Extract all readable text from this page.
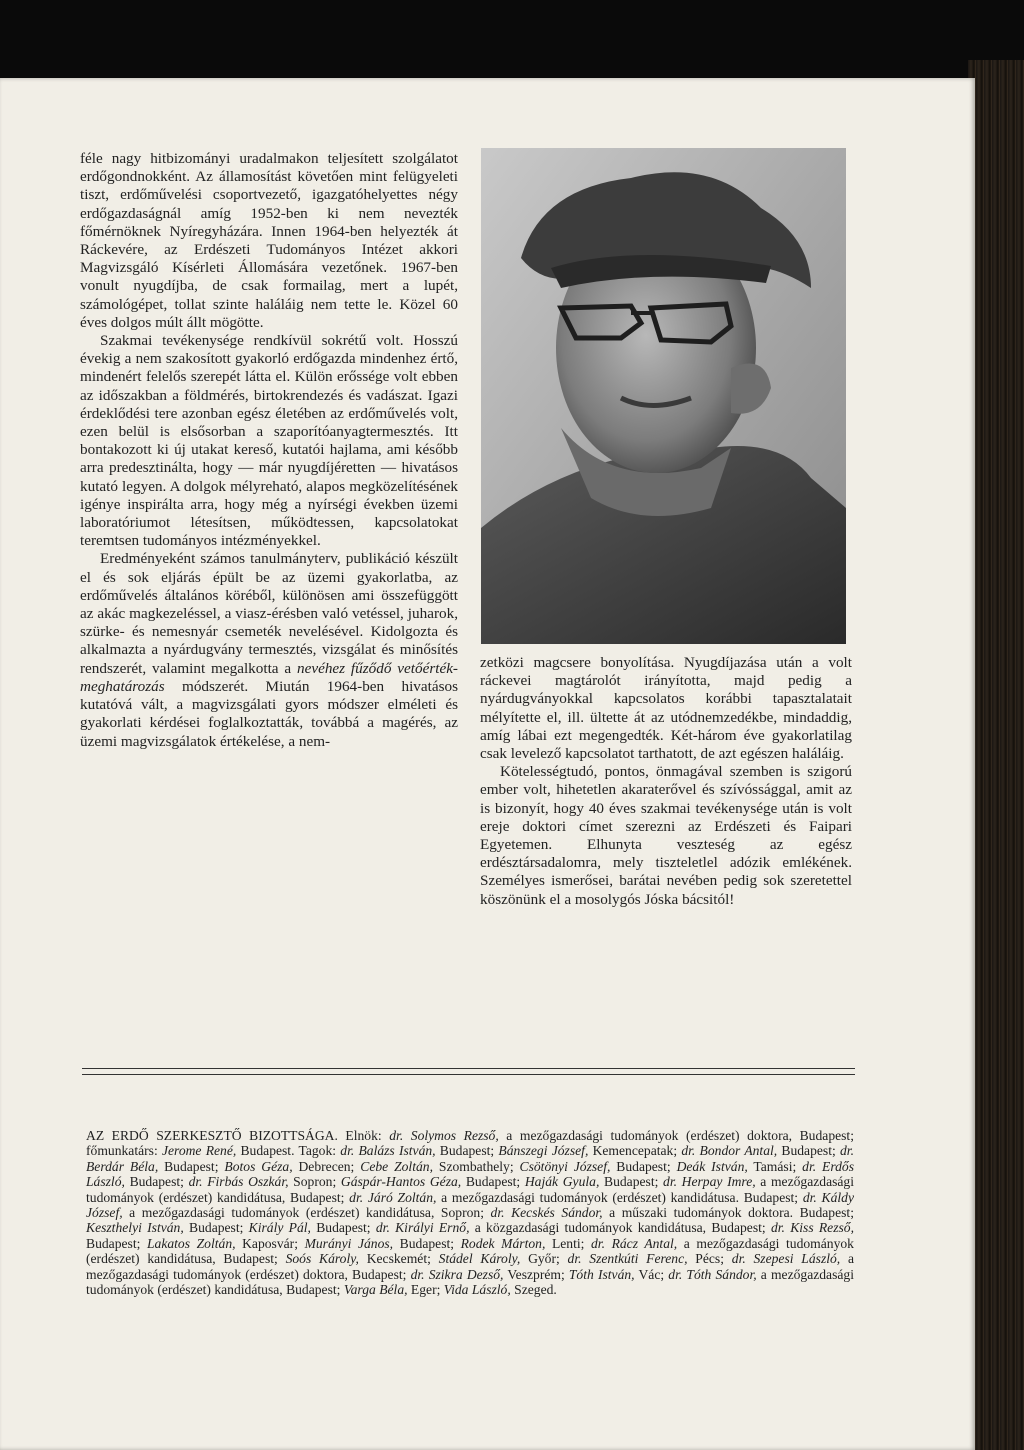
féle nagy hitbizományi uradalmakon teljesített szolgálatot erdőgondnokként. Az államosítást követően mint felügyeleti tiszt, erdőművelési csoportvezető, igazgatóhelyettes négy erdőgazdaságnál amíg 1952-ben ki nem nevezték főmérnöknek Nyíregyházára. Innen 1964-ben helyezték át Ráckevére, az Erdészeti Tudományos Intézet akkori Magvizsgáló Kísérleti Állomására vezetőnek. 1967-ben vonult nyugdíjba, de csak formailag, mert a lupét, számológépet, tollat szinte haláláig nem tette le. Közel 60 éves dolgos múlt állt mögötte.

Szakmai tevékenysége rendkívül sokrétű volt. Hosszú évekig a nem szakosított gyakorló erdőgazda mindenhez értő, mindenért felelős szerepét látta el. Külön erőssége volt ebben az időszakban a földmérés, birtokrendezés és vadászat. Igazi érdeklődési tere azonban egész életében az erdőművelés volt, ezen belül is elsősorban a szaporítóanyagtermesztés. Itt bontakozott ki új utakat kereső, kutatói hajlama, ami később arra predesztinálta, hogy — már nyugdíjéretten — hivatásos kutató legyen. A dolgok mélyreható, alapos megközelítésének igénye inspirálta arra, hogy még a nyírségi években üzemi laboratóriumot létesítsen, működtessen, kapcsolatokat teremtsen tudományos intézményekkel.

Eredményeként számos tanulmányterv, publikáció készült el és sok eljárás épült be az üzemi gyakorlatba, az erdőművelés általános köréből, különösen ami összefüggött az akác magkezeléssel, a viasz-érésben való vetéssel, juharok, szürke- és nemesnyár csemeték nevelésével. Kidolgozta és alkalmazta a nyárdugvány termesztés, vizsgálat és minősítés rendszerét, valamint megalkotta a nevéhez fűződő vetőérték-meghatározás módszerét. Miután 1964-ben hivatásos kutatóvá vált, a magvizsgálati gyors módszer elméleti és gyakorlati kérdései foglalkoztatták, továbbá a magérés, az üzemi magvizsgálatok értékelése, a nem-

zetközi magcsere bonyolítása. Nyugdíjazása után a volt ráckevei magtárolót irányította, majd pedig a nyárdugványokkal kapcsolatos korábbi tapasztalatait mélyítette el, ill. ültette át az utódnemzedékbe, mindaddig, amíg lábai ezt megengedték. Két-három éve gyakorlatilag csak levelező kapcsolatot tarthatott, de azt egészen haláláig.

Kötelességtudó, pontos, önmagával szemben is szigorú ember volt, hihetetlen akaraterővel és szívóssággal, amit az is bizonyít, hogy 40 éves szakmai tevékenysége után is volt ereje doktori címet szerezni az Erdészeti és Faipari Egyetemen. Elhunyta veszteség az egész erdésztársadalomra, mely tiszteletlel adózik emlékének. Személyes ismerősei, barátai nevében pedig sok szeretettel köszönünk el a mosolygós Jóska bácsitól!

AZ ERDŐ SZERKESZTŐ BIZOTTSÁGA. Elnök: dr. Solymos Rezső, a mezőgazdasági tudományok (erdészet) doktora, Budapest; főmunkatárs: Jerome René, Budapest. Tagok: dr. Balázs István, Budapest; Bánszegi József, Kemencepatak; dr. Bondor Antal, Budapest; dr. Berdár Béla, Budapest; Botos Géza, Debrecen; Cebe Zoltán, Szombathely; Csötönyi József, Budapest; Deák István, Tamási; dr. Erdős László, Budapest; dr. Firbás Oszkár, Sopron; Gáspár-Hantos Géza, Budapest; Haják Gyula, Budapest; dr. Herpay Imre, a mezőgazdasági tudományok (erdészet) kandidátusa, Budapest; dr. Járó Zoltán, a mezőgazdasági tudományok (erdészet) kandidátusa. Budapest; dr. Káldy József, a mezőgazdasági tudományok (erdészet) kandidátusa, Sopron; dr. Kecskés Sándor, a műszaki tudományok doktora. Budapest; Keszthelyi István, Budapest; Király Pál, Budapest; dr. Királyi Ernő, a közgazdasági tudományok kandidátusa, Budapest; dr. Kiss Rezső, Budapest; Lakatos Zoltán, Kaposvár; Murányi János, Budapest; Rodek Márton, Lenti; dr. Rácz Antal, a mezőgazdasági tudományok (erdészet) kandidátusa, Budapest; Soós Károly, Kecskemét; Stádel Károly, Győr; dr. Szentkúti Ferenc, Pécs; dr. Szepesi László, a mezőgazdasági tudományok (erdészet) doktora, Budapest; dr. Szikra Dezső, Veszprém; Tóth István, Vác; dr. Tóth Sándor, a mezőgazdasági tudományok (erdészet) kandidátusa, Budapest; Varga Béla, Eger; Vida László, Szeged.
